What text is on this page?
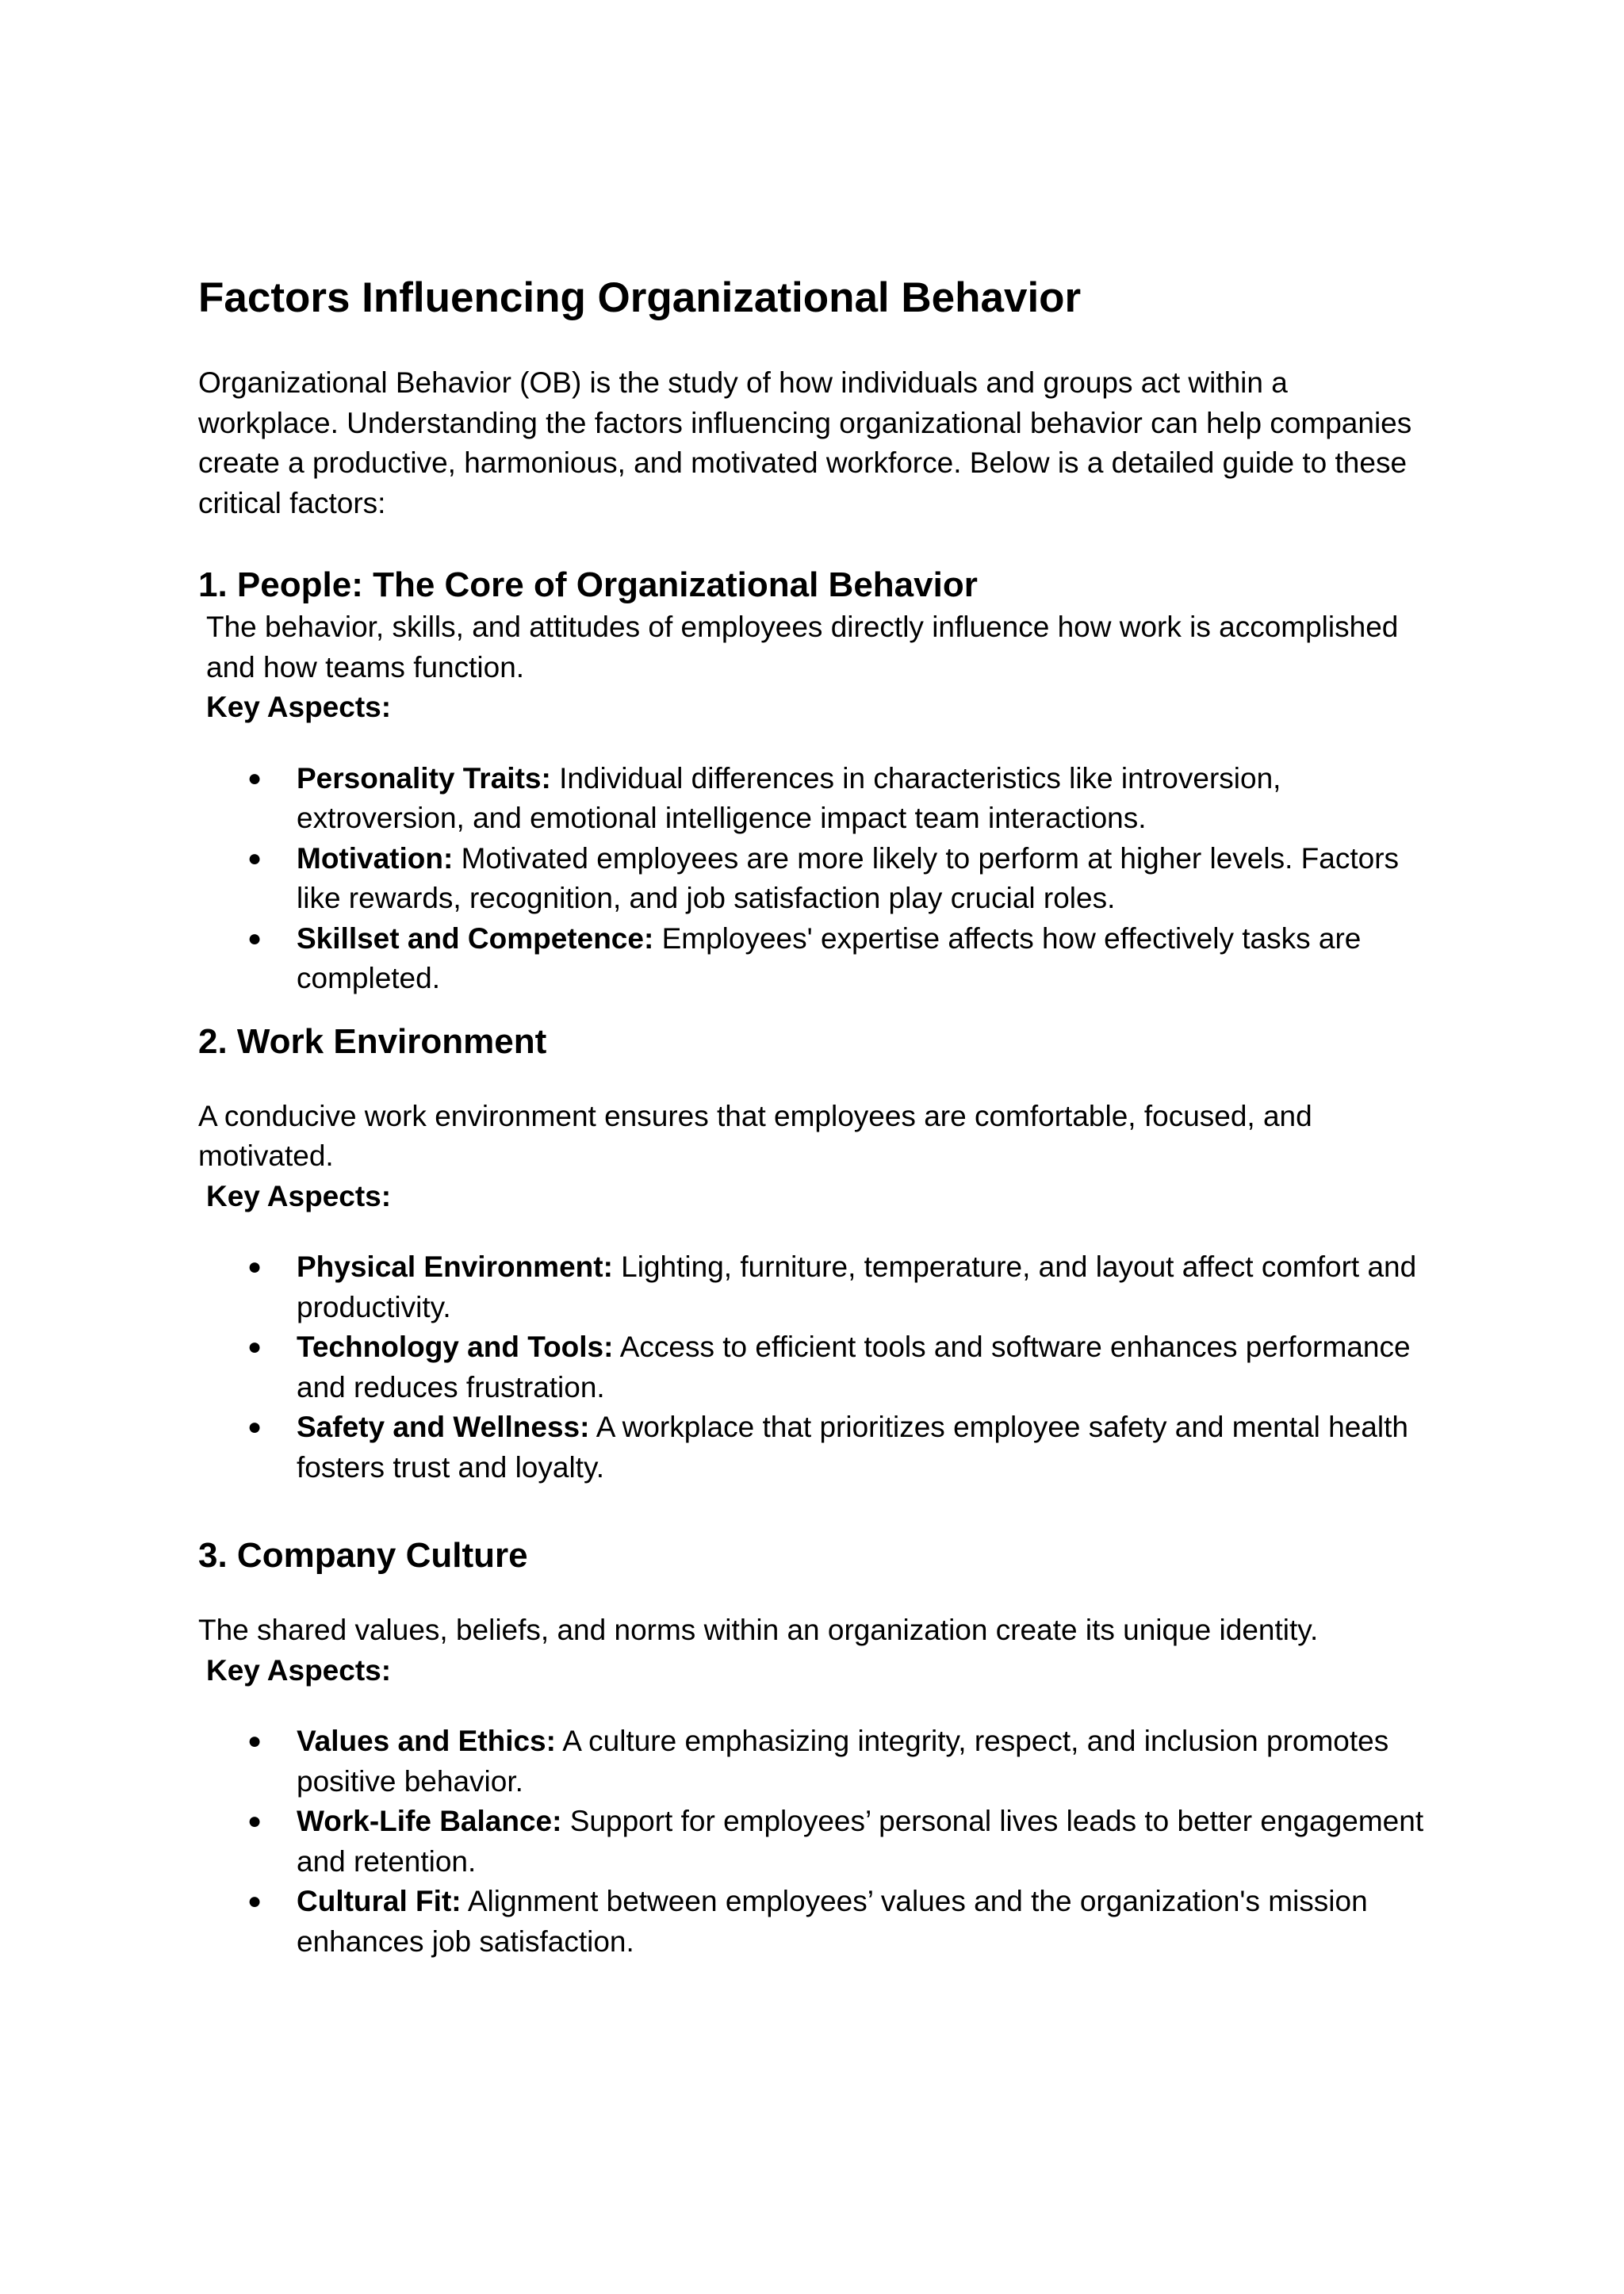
Factors Influencing Organizational Behavior

Organizational Behavior (OB) is the study of how individuals and groups act within a workplace. Understanding the factors influencing organizational behavior can help companies create a productive, harmonious, and motivated workforce. Below is a detailed guide to these critical factors:

1. People: The Core of Organizational Behavior

The behavior, skills, and attitudes of employees directly influence how work is accomplished and how teams function.

Key Aspects:

●	Personality Traits: Individual differences in characteristics like introversion, extroversion, and emotional intelligence impact team interactions.
●	Motivation: Motivated employees are more likely to perform at higher levels. Factors like rewards, recognition, and job satisfaction play crucial roles.
●	Skillset and Competence: Employees' expertise affects how effectively tasks are completed.
2. Work Environment

A conducive work environment ensures that employees are comfortable, focused, and motivated.

Key Aspects:

●	Physical Environment: Lighting, furniture, temperature, and layout affect comfort and productivity.
●	Technology and Tools: Access to efficient tools and software enhances performance and reduces frustration.
●	Safety and Wellness: A workplace that prioritizes employee safety and mental health fosters trust and loyalty.
3. Company Culture

The shared values, beliefs, and norms within an organization create its unique identity.

Key Aspects:

●	Values and Ethics: A culture emphasizing integrity, respect, and inclusion promotes positive behavior.
●	Work-Life Balance: Support for employees’ personal lives leads to better engagement and retention.
●	Cultural Fit: Alignment between employees’ values and the organization's mission enhances job satisfaction.
